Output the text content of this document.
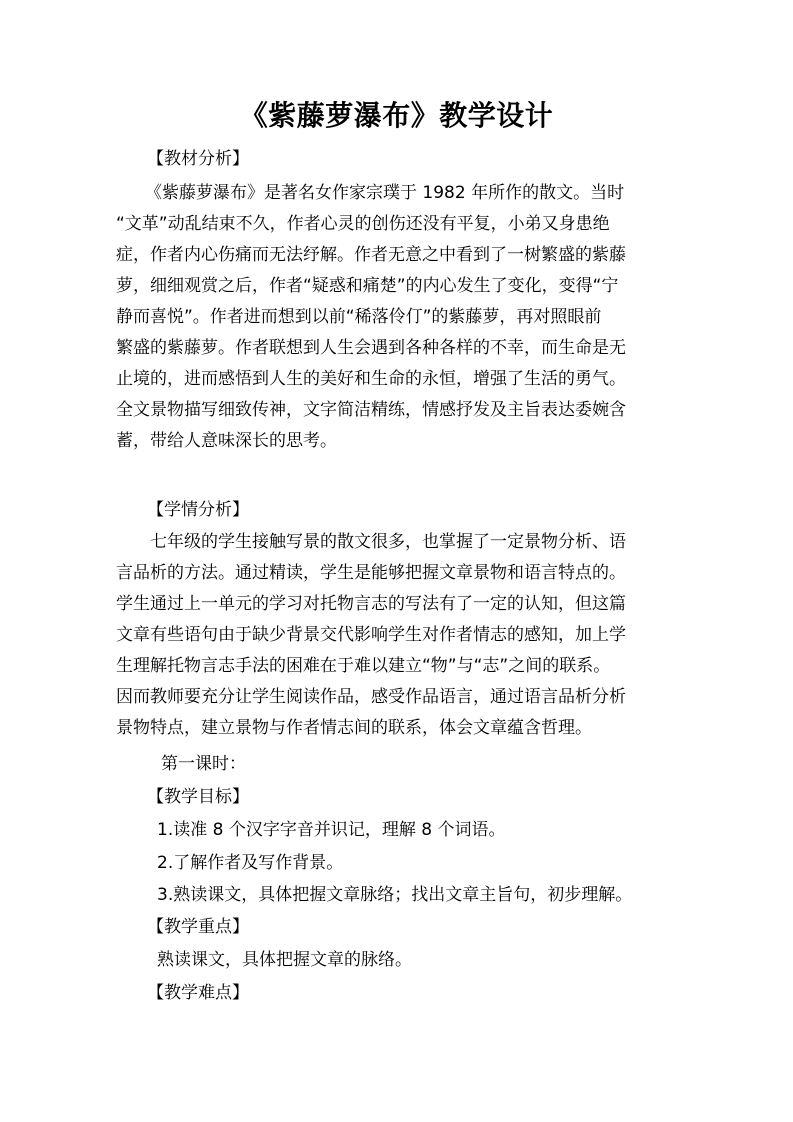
《紫藤萝瀑布》教学设计
【教材分析】
《紫藤萝瀑布》是著名女作家宗璞于 1982 年所作的散文。当时
“文革”动乱结束不久，作者心灵的创伤还没有平复，小弟又身患绝
症，作者内心伤痛而无法纾解。作者无意之中看到了一树繁盛的紫藤
萝，细细观赏之后，作者“疑惑和痛楚”的内心发生了变化，变得“宁
静而喜悦”。作者进而想到以前“稀落伶仃”的紫藤萝，再对照眼前
繁盛的紫藤萝。作者联想到人生会遇到各种各样的不幸，而生命是无
止境的，进而感悟到人生的美好和生命的永恒，增强了生活的勇气。
全文景物描写细致传神，文字简洁精练，情感抒发及主旨表达委婉含
蓄，带给人意味深长的思考。
【学情分析】
七年级的学生接触写景的散文很多，也掌握了一定景物分析、语
言品析的方法。通过精读，学生是能够把握文章景物和语言特点的。
学生通过上一单元的学习对托物言志的写法有了一定的认知，但这篇
文章有些语句由于缺少背景交代影响学生对作者情志的感知，加上学
生理解托物言志手法的困难在于难以建立“物”与“志”之间的联系。
因而教师要充分让学生阅读作品，感受作品语言，通过语言品析分析
景物特点，建立景物与作者情志间的联系，体会文章蕴含哲理。
第一课时：
【教学目标】
1.读准 8 个汉字字音并识记，理解 8 个词语。
2.了解作者及写作背景。
3.熟读课文，具体把握文章脉络；找出文章主旨句，初步理解。
【教学重点】
熟读课文，具体把握文章的脉络。
【教学难点】
